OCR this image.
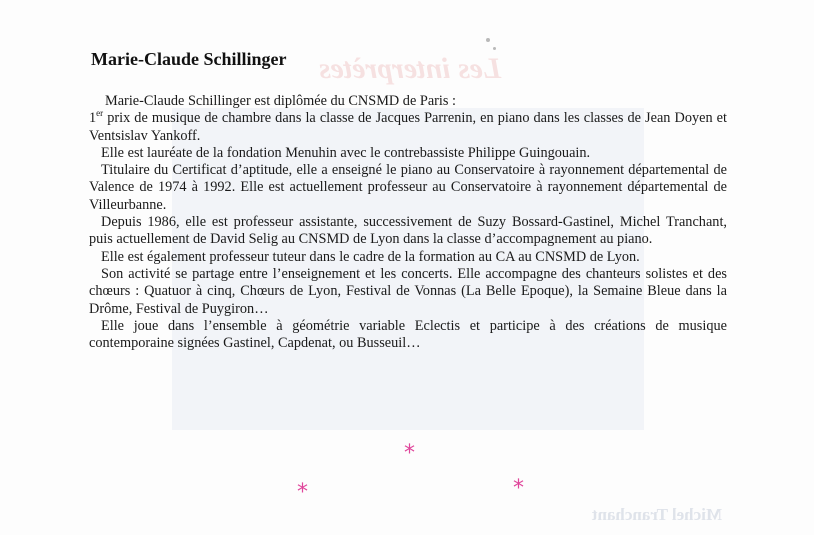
Les interprètes
Michel Tranchant
Marie-Claude Schillinger

Marie-Claude Schillinger est diplômée du CNSMD de Paris :

1er prix de musique de chambre dans la classe de Jacques Parrenin, en piano dans les classes de Jean Doyen et Ventsislav Yankoff.

Elle est lauréate de la fondation Menuhin avec le contrebassiste Philippe Guingouain.

Titulaire du Certificat d’aptitude, elle a enseigné le piano au Conservatoire à rayonnement départemental de Valence de 1974 à 1992. Elle est actuellement professeur au Conservatoire à rayonnement départemental de Villeurbanne.

Depuis 1986, elle est professeur assistante, successivement de Suzy Bossard-Gastinel, Michel Tranchant, puis actuellement de David Selig au CNSMD de Lyon dans la classe d’accompagnement au piano.

Elle est également professeur tuteur dans le cadre de la formation au CA au CNSMD de Lyon.

Son activité se partage entre l’enseignement et les concerts. Elle accompagne des chanteurs solistes et des chœurs : Quatuor à cinq, Chœurs de Lyon, Festival de Vonnas (La Belle Epoque), la Semaine Bleue dans la Drôme, Festival de Puygiron…

Elle joue dans l’ensemble à géométrie variable Eclectis et participe à des créations de musique contemporaine signées Gastinel, Capdenat, ou Busseuil…

*
*	*
